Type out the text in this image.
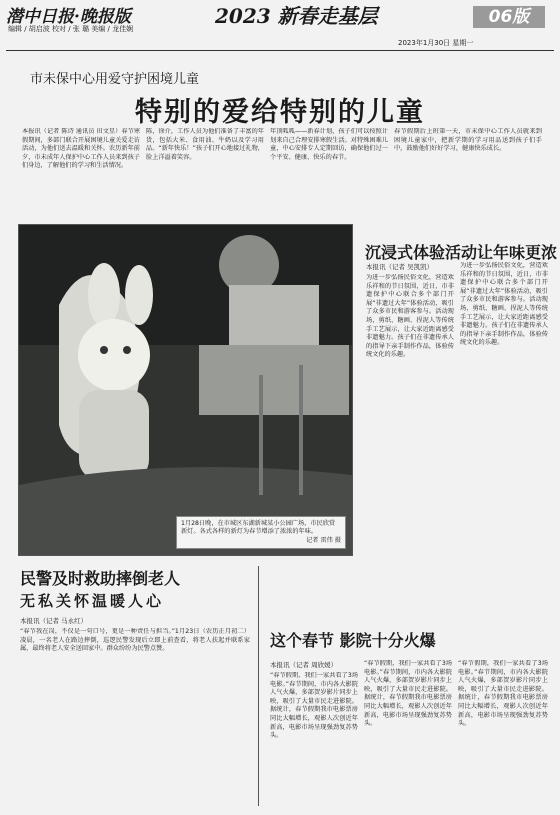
潜中日报·晚报版
编辑 / 胡启波 校对 / 张 璐 美编 / 龙佳娴
2023 新春走基层	06版
2023年1月30日 星期一
市未保中心用爱守护困境儿童
特别的爱给特别的儿童
本报讯（记者 陈诗 通讯员 田文星）春节寒假期间，多部门联合开展困境儿童关爱走访活动，为他们送去温暖和关怀。农历新年前夕，市未成年人保护中心工作人员来到孩子们身边，了解他们的学习和生活情况。
陈，徐介，工作人员为他们准备了丰富的年货，包括大米、食用油、牛奶以及学习用品。“新年快乐！”孩子们开心地接过礼物，脸上洋溢着笑容。
年顶呱呱——新春计划，孩子们可以按照计划来自己合理安排寒假生活。对特殊困难儿童，中心安排专人定期回访，确保他们过一个平安、健康、快乐的春节。
春节假期后上班第一天，市未保中心工作人员就来到困境儿童家中，把新学期的学习用品送到孩子们手中，鼓励他们好好学习，健康快乐成长。
1月28日晚，在市城区东湖新城某小公园广场，市民欣赏新灯。各式各样的新灯为春节增添了浓浓的年味。
记者 雷伟 摄
沉浸式体验活动让年味更浓
本报讯（记者 吴凯凯）
为进一步弘扬民俗文化，营造欢乐祥和的节日氛围，近日，市非遗保护中心联合多个部门开展“非遗过大年”体验活动，吸引了众多市民和游客参与。活动现场，剪纸、糖画、捏泥人等传统手工艺展示，让大家近距离感受非遗魅力。孩子们在非遗传承人的指导下亲手制作作品，体验传统文化的乐趣。
为进一步弘扬民俗文化，营造欢乐祥和的节日氛围，近日，市非遗保护中心联合多个部门开展“非遗过大年”体验活动，吸引了众多市民和游客参与。活动现场，剪纸、糖画、捏泥人等传统手工艺展示，让大家近距离感受非遗魅力。孩子们在非遗传承人的指导下亲手制作作品，体验传统文化的乐趣。
民警及时救助摔倒老人
无私关怀温暖人心
本报讯（记者 马永红）
“春节我在岗，不仅是一句口号，更是一种责任与担当。”1月23日（农历正月初二）凌晨，一名老人在路边摔倒，巡逻民警发现后立即上前查看，将老人扶起并联系家属，最终将老人安全送回家中。群众纷纷为民警点赞。	这个春节 影院十分火爆
本报讯（记者 周欣媛）
“春节假期，我们一家共看了3场电影。”春节期间，市内各大影院人气火爆，多部贺岁影片同步上映，吸引了大量市民走进影院。据统计，春节假期我市电影票房同比大幅增长，观影人次创近年新高，电影市场呈现强劲复苏势头。
“春节假期，我们一家共看了3场电影。”春节期间，市内各大影院人气火爆，多部贺岁影片同步上映，吸引了大量市民走进影院。据统计，春节假期我市电影票房同比大幅增长，观影人次创近年新高，电影市场呈现强劲复苏势头。
“春节假期，我们一家共看了3场电影。”春节期间，市内各大影院人气火爆，多部贺岁影片同步上映，吸引了大量市民走进影院。据统计，春节假期我市电影票房同比大幅增长，观影人次创近年新高，电影市场呈现强劲复苏势头。
